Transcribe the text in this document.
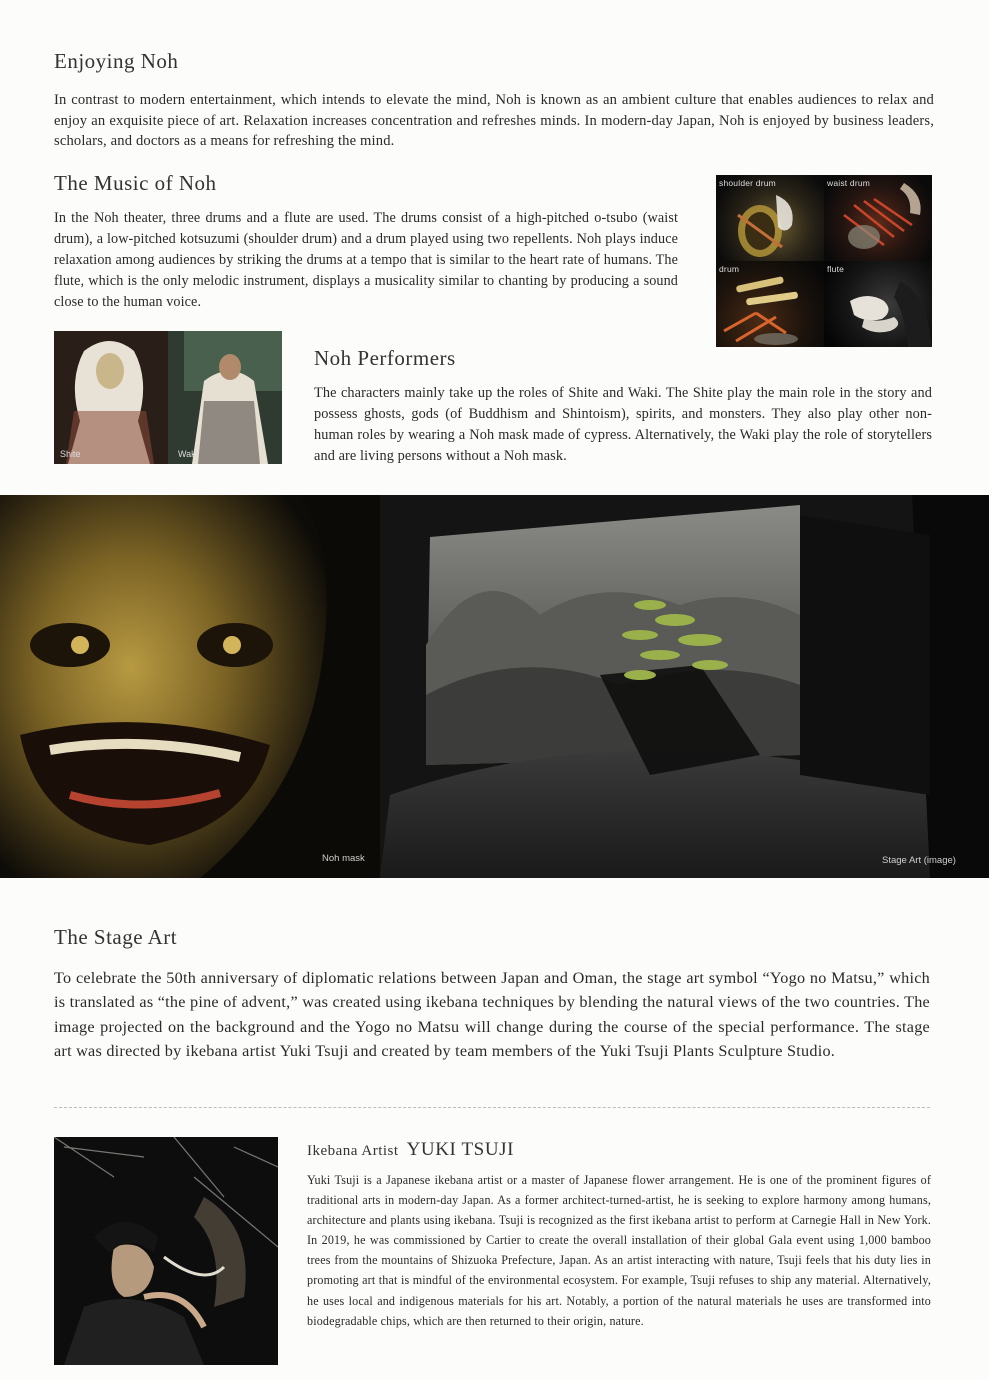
Enjoying Noh

In contrast to modern entertainment, which intends to elevate the mind, Noh is known as an ambient culture that enables audiences to relax and enjoy an exquisite piece of art. Relaxation increases concentration and refreshes minds. In modern-day Japan, Noh is enjoyed by business leaders, scholars, and doctors as a means for refreshing the mind.

The Music of Noh

In the Noh theater, three drums and a flute are used. The drums consist of a high-pitched o-tsubo (waist drum), a low-pitched kotsuzumi (shoulder drum) and a drum played using two repellents. Noh plays induce relaxation among audiences by striking the drums at a tempo that is similar to the heart rate of humans. The flute, which is the only melodic instrument, displays a musicality similar to chanting by producing a sound close to the human voice.

shoulder drum	waist drum
drum	flute
Shite	Waki
Noh Performers

The characters mainly take up the roles of Shite and Waki. The Shite play the main role in the story and possess ghosts, gods (of Buddhism and Shintoism), spirits, and monsters. They also play other non-human roles by wearing a Noh mask made of cypress. Alternatively, the Waki play the role of storytellers and are living persons without a Noh mask.

Noh mask	Stage Art (image)
The Stage Art

To celebrate the 50th anniversary of diplomatic relations between Japan and Oman, the stage art symbol “Yogo no Matsu,” which is translated as “the pine of advent,” was created using ikebana techniques by blending the natural views of the two countries. The image projected on the background and the Yogo no Matsu will change during the course of the special performance. The stage art was directed by ikebana artist Yuki Tsuji and created by team members of the Yuki Tsuji Plants Sculpture Studio.

Ikebana Artist YUKI TSUJI

Yuki Tsuji is a Japanese ikebana artist or a master of Japanese flower arrangement. He is one of the prominent figures of traditional arts in modern-day Japan. As a former architect-turned-artist, he is seeking to explore harmony among humans, architecture and plants using ikebana. Tsuji is recognized as the first ikebana artist to perform at Carnegie Hall in New York. In 2019, he was commissioned by Cartier to create the overall installation of their global Gala event using 1,000 bamboo trees from the mountains of Shizuoka Prefecture, Japan. As an artist interacting with nature, Tsuji feels that his duty lies in promoting art that is mindful of the environmental ecosystem. For example, Tsuji refuses to ship any material. Alternatively, he uses local and indigenous materials for his art. Notably, a portion of the natural materials he uses are transformed into biodegradable chips, which are then returned to their origin, nature.
